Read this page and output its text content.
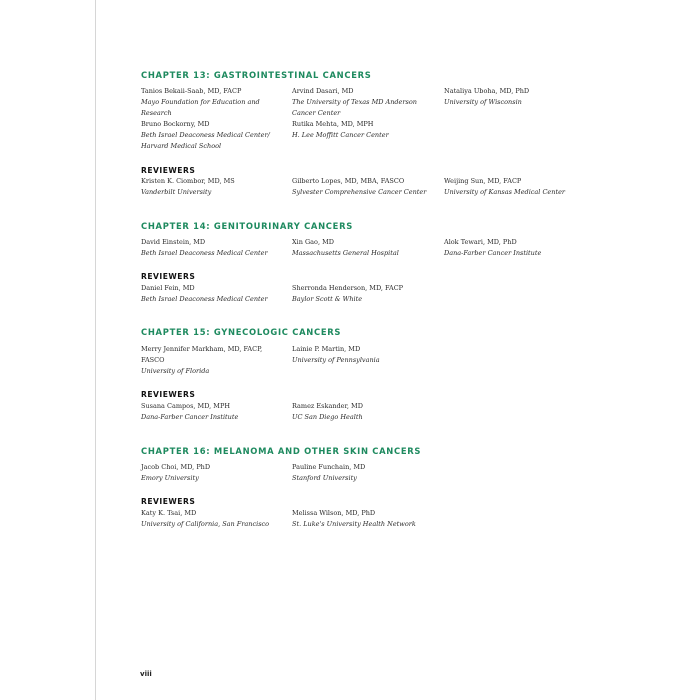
CHAPTER 13: GASTROINTESTINAL CANCERS
Tanios Bekaii-Saab, MD, FACP
Mayo Foundation for Education and
Research
Bruno Bockorny, MD
Beth Israel Deaconess Medical Center/
Harvard Medical School
Arvind Dasari, MD
The University of Texas MD Anderson
Cancer Center
Rutika Mehta, MD, MPH
H. Lee Moffitt Cancer Center
Nataliya Uboha, MD, PhD
University of Wisconsin
REVIEWERS
Kristen K. Ciombor, MD, MS
Vanderbilt University
Gilberto Lopes, MD, MBA, FASCO
Sylvester Comprehensive Cancer Center
Weijing Sun, MD, FACP
University of Kansas Medical Center
CHAPTER 14: GENITOURINARY CANCERS
David Einstein, MD
Beth Israel Deaconess Medical Center
Xin Gao, MD
Massachusetts General Hospital
Alok Tewari, MD, PhD
Dana-Farber Cancer Institute
REVIEWERS
Daniel Fein, MD
Beth Israel Deaconess Medical Center
Sherronda Henderson, MD, FACP
Baylor Scott & White
CHAPTER 15: GYNECOLOGIC CANCERS
Merry Jennifer Markham, MD, FACP,
FASCO
University of Florida
Lainie P. Martin, MD
University of Pennsylvania
REVIEWERS
Susana Campos, MD, MPH
Dana-Farber Cancer Institute
Ramez Eskander, MD
UC San Diego Health
CHAPTER 16: MELANOMA AND OTHER SKIN CANCERS
Jacob Choi, MD, PhD
Emory University
Pauline Funchain, MD
Stanford University
REVIEWERS
Katy K. Tsai, MD
University of California, San Francisco
Melissa Wilson, MD, PhD
St. Luke's University Health Network
viii
